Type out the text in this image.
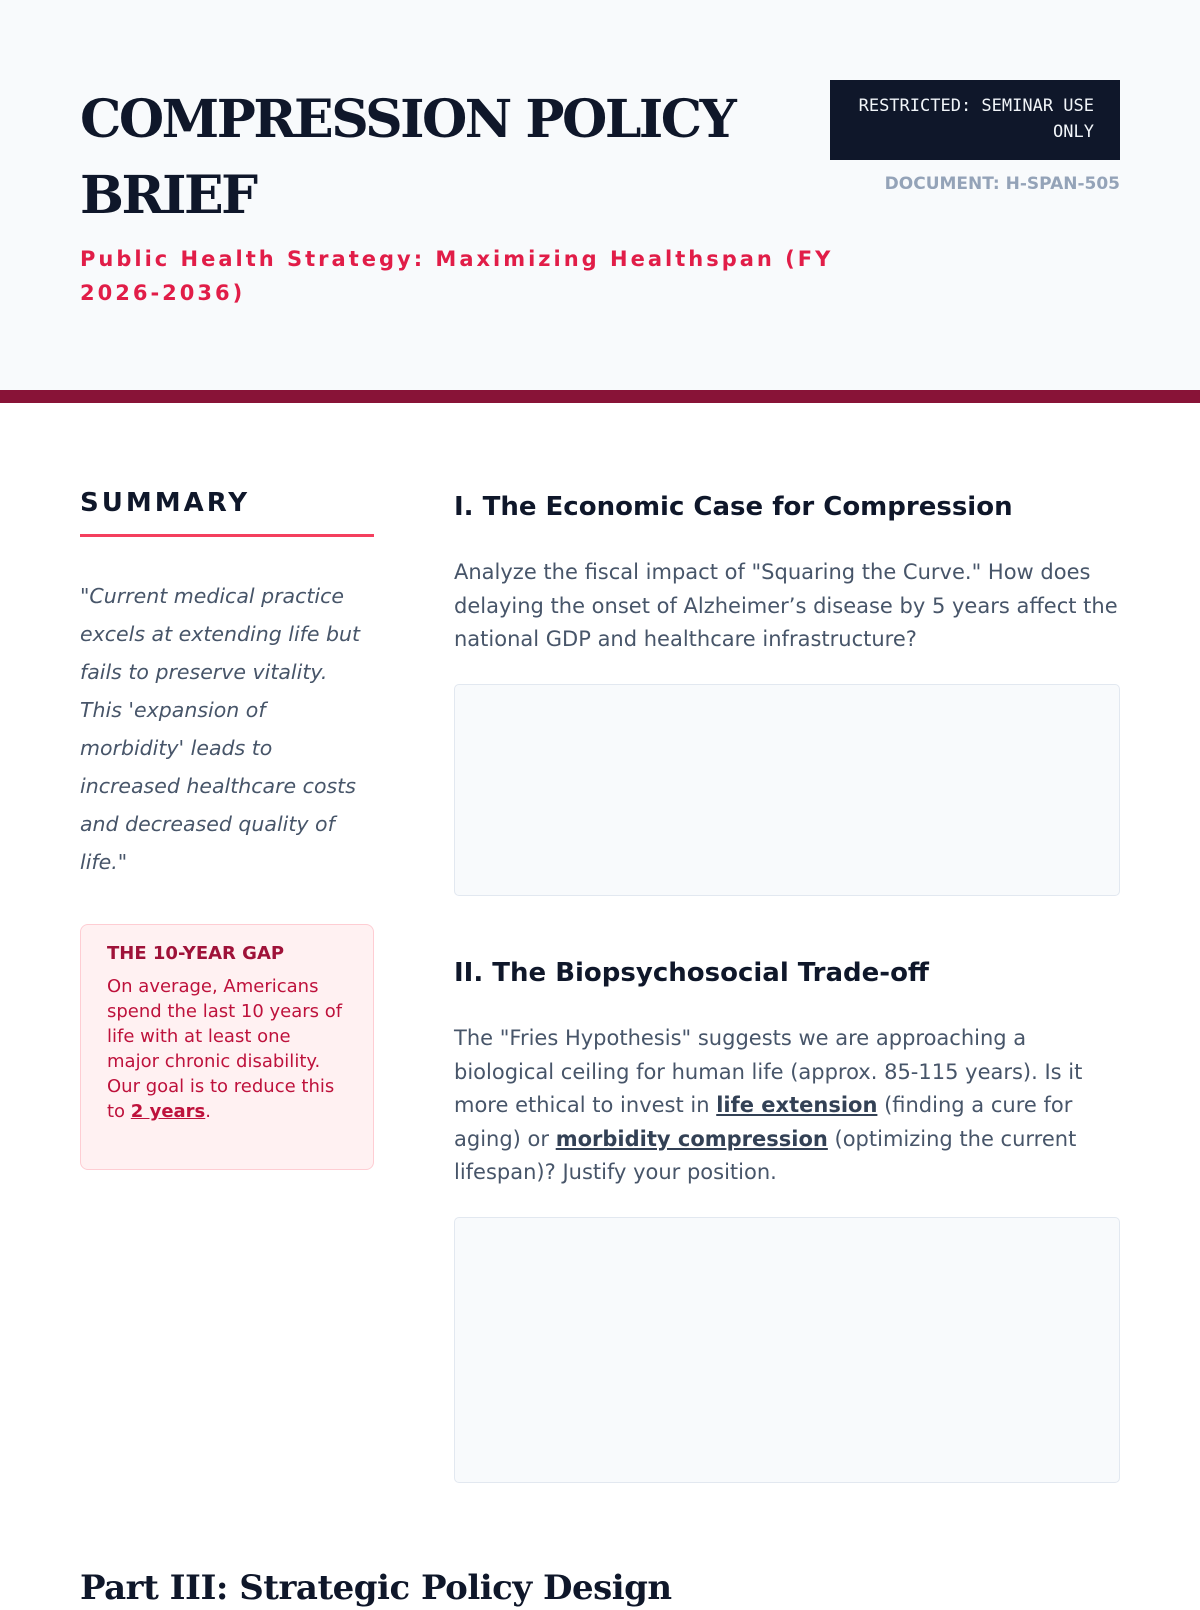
COMPRESSION POLICY BRIEF

Public Health Strategy: Maximizing Healthspan (FY 2026-2036)

RESTRICTED: SEMINAR USE ONLY
DOCUMENT: H-SPAN-505
SUMMARY

"Current medical practice excels at extending life but fails to preserve vitality. This 'expansion of morbidity' leads to increased healthcare costs and decreased quality of life."

THE 10-YEAR GAP

On average, Americans spend the last 10 years of life with at least one major chronic disability. Our goal is to reduce this to 2 years.

I. The Economic Case for Compression

Analyze the fiscal impact of "Squaring the Curve." How does delaying the onset of Alzheimer’s disease by 5 years affect the national GDP and healthcare infrastructure?

II. The Biopsychosocial Trade-off

The "Fries Hypothesis" suggests we are approaching a biological ceiling for human life (approx. 85-115 years). Is it more ethical to invest in life extension (finding a cure for aging) or morbidity compression (optimizing the current lifespan)? Justify your position.

Part III: Strategic Policy Design
